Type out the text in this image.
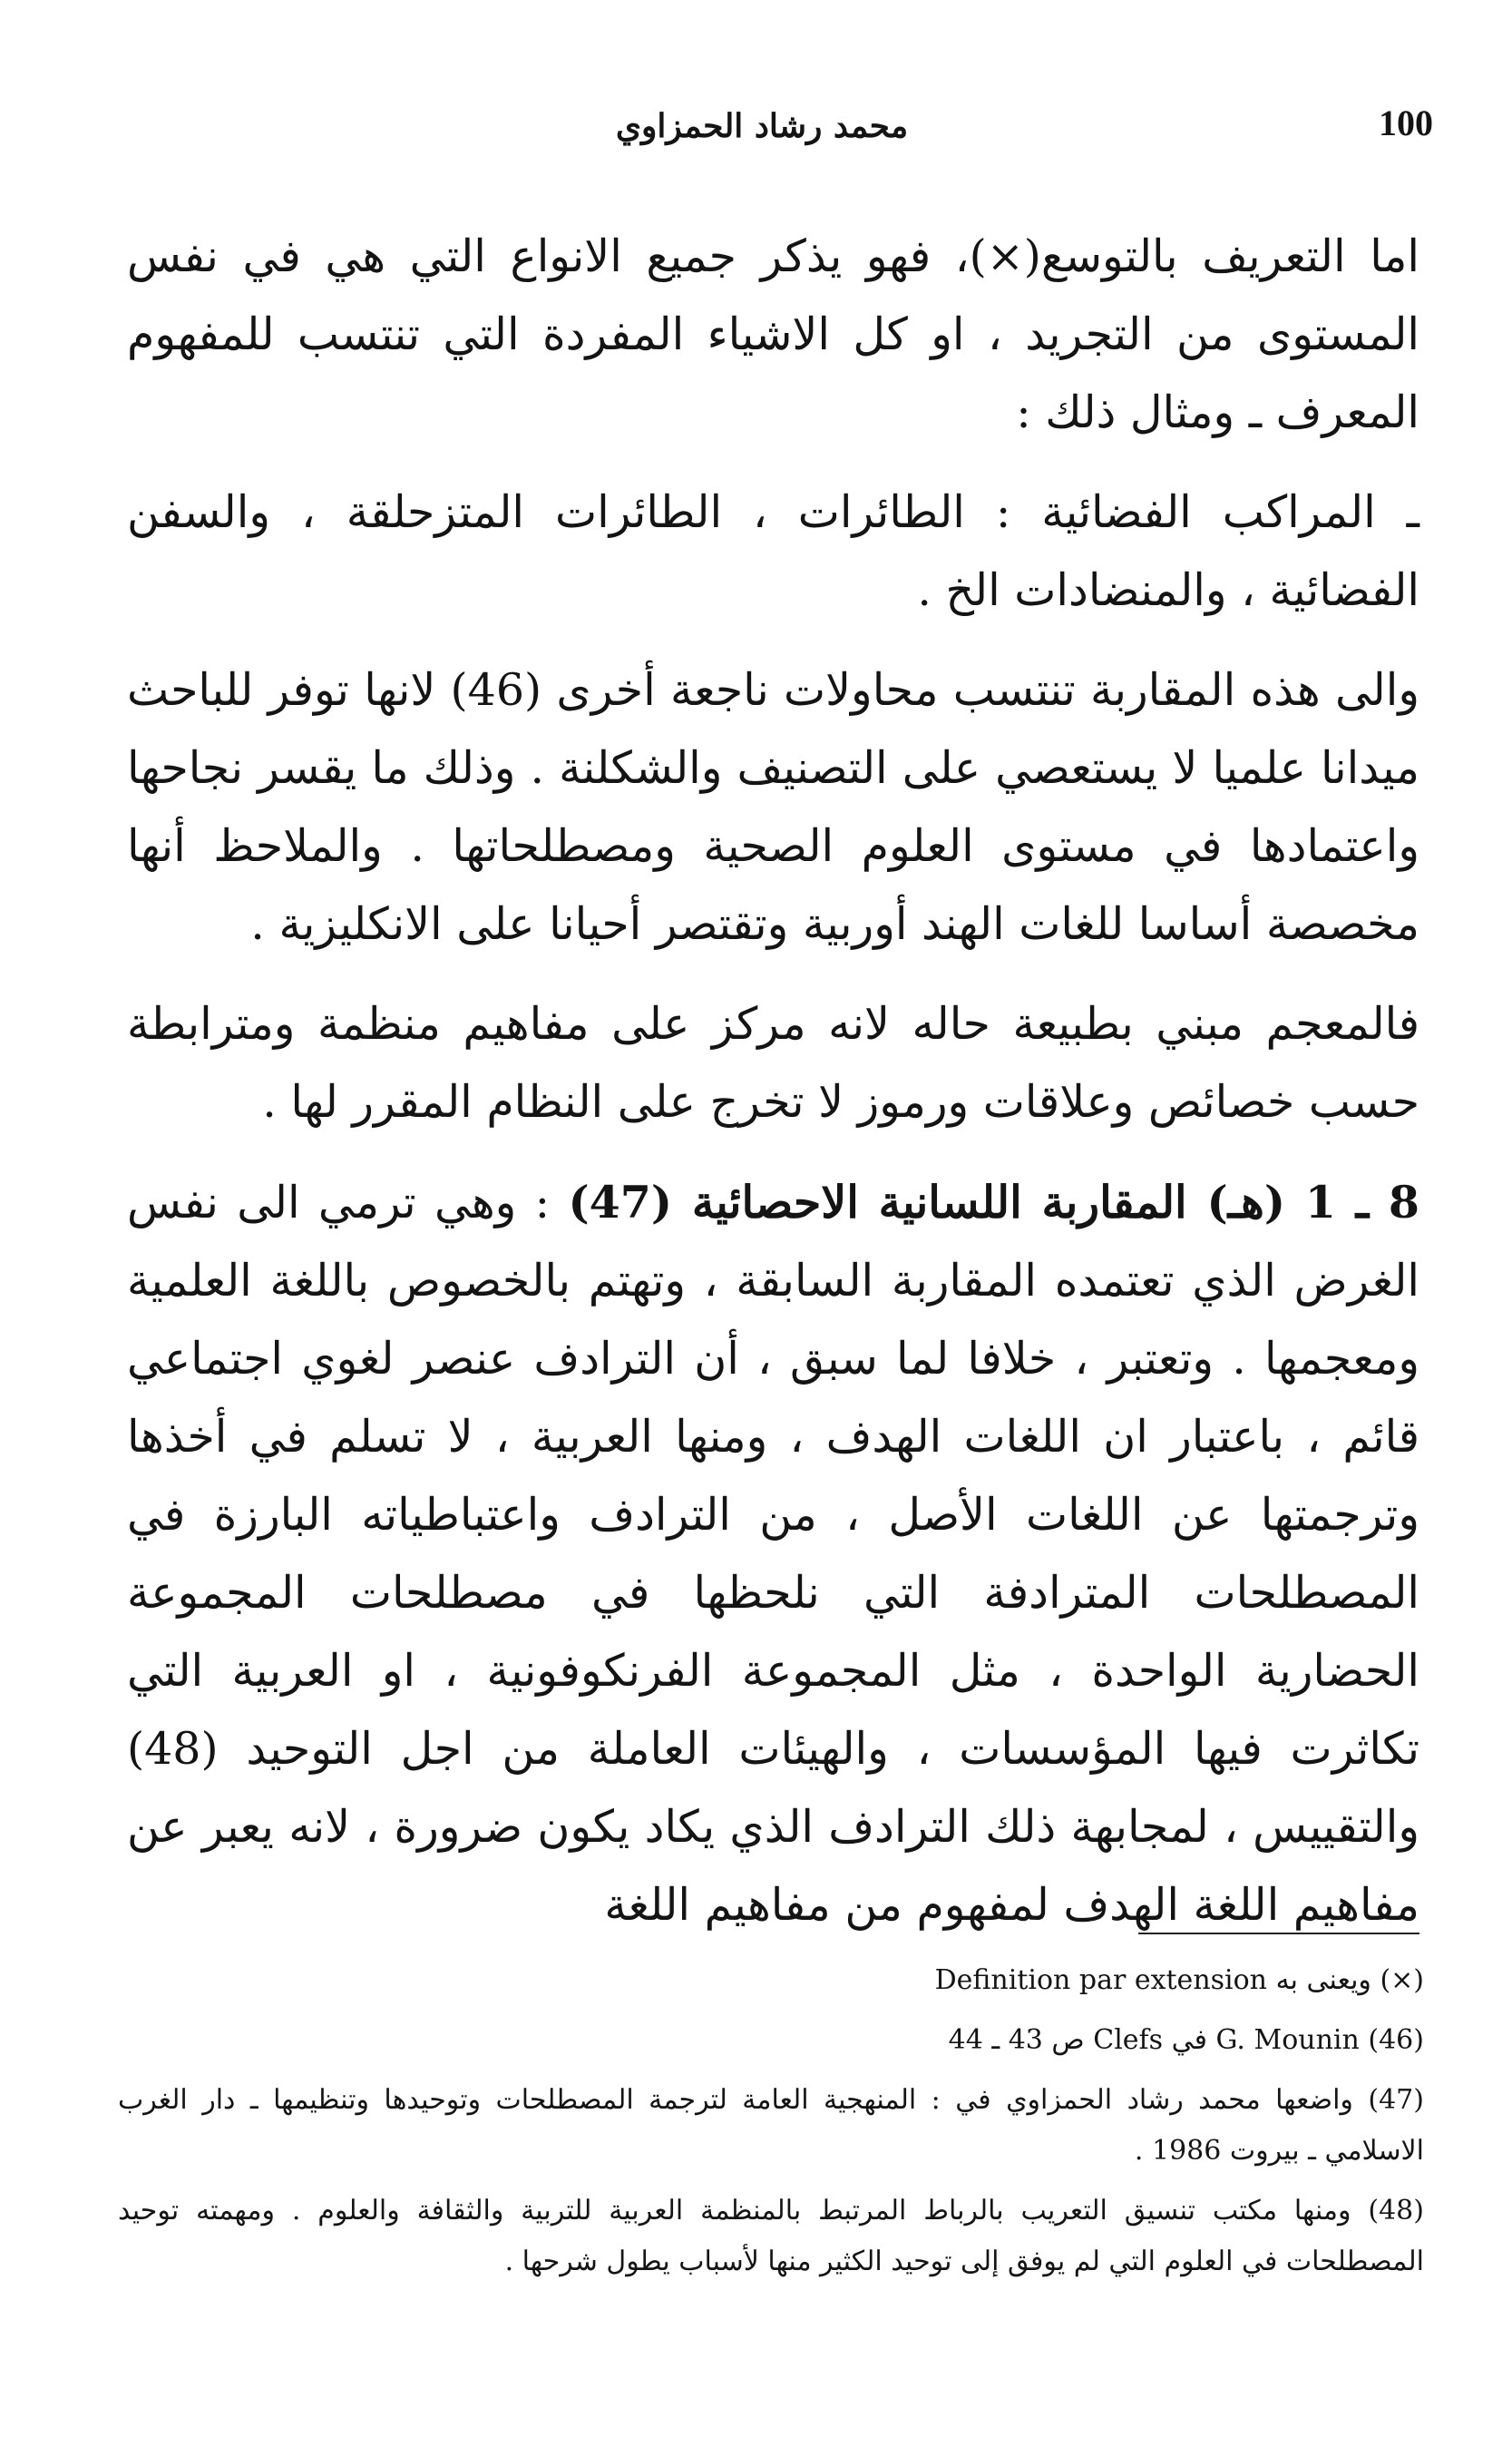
محمد رشاد الحمزاوي	100

اما التعريف بالتوسع(×)، فهو يذكر جميع الانواع التي هي في نفس المستوى من التجريد ، او كل الاشياء المفردة التي تنتسب للمفهوم المعرف ـ ومثال ذلك :

ـ المراكب الفضائية : الطائرات ، الطائرات المتزحلقة ، والسفن الفضائية ، والمنضادات الخ .

والى هذه المقاربة تنتسب محاولات ناجعة أخرى (46) لانها توفر للباحث ميدانا علميا لا يستعصي على التصنيف والشكلنة . وذلك ما يقسر نجاحها واعتمادها في مستوى العلوم الصحية ومصطلحاتها . والملاحظ أنها مخصصة أساسا للغات الهند أوربية وتقتصر أحيانا على الانكليزية .

فالمعجم مبني بطبيعة حاله لانه مركز على مفاهيم منظمة ومترابطة حسب خصائص وعلاقات ورموز لا تخرج على النظام المقرر لها .

8 ـ 1 (هـ) المقاربة اللسانية الاحصائية (47) : وهي ترمي الى نفس الغرض الذي تعتمده المقاربة السابقة ، وتهتم بالخصوص باللغة العلمية ومعجمها . وتعتبر ، خلافا لما سبق ، أن الترادف عنصر لغوي اجتماعي قائم ، باعتبار ان اللغات الهدف ، ومنها العربية ، لا تسلم في أخذها وترجمتها عن اللغات الأصل ، من الترادف واعتباطياته البارزة في المصطلحات المترادفة التي نلحظها في مصطلحات المجموعة الحضارية الواحدة ، مثل المجموعة الفرنكوفونية ، او العربية التي تكاثرت فيها المؤسسات ، والهيئات العاملة من اجل التوحيد (48) والتقييس ، لمجابهة ذلك الترادف الذي يكاد يكون ضرورة ، لانه يعبر عن مفاهيم اللغة الهدف لمفهوم من مفاهيم اللغة

(×) ويعنى به Definition par extension

(46) G. Mounin في Clefs ص 43 ـ 44

(47) واضعها محمد رشاد الحمزاوي في : المنهجية العامة لترجمة المصطلحات وتوحيدها وتنظيمها ـ دار الغرب الاسلامي ـ بيروت 1986 .

(48) ومنها مكتب تنسيق التعريب بالرباط المرتبط بالمنظمة العربية للتربية والثقافة والعلوم . ومهمته توحيد المصطلحات في العلوم التي لم يوفق إلى توحيد الكثير منها لأسباب يطول شرحها .
